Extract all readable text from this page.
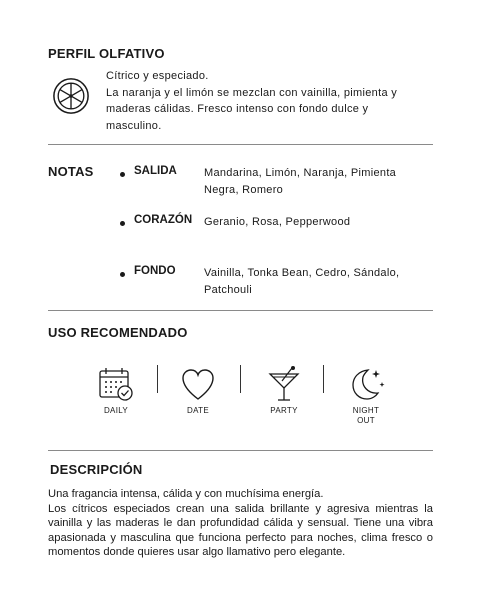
PERFIL OLFATIVO
Cítrico y especiado.
La naranja y el limón se mezclan con vainilla, pimienta y maderas cálidas. Fresco intenso con fondo dulce y masculino.
NOTAS	SALIDA Mandarina, Limón, Naranja, Pimienta Negra, Romero
CORAZÓN Geranio, Rosa, Pepperwood
FONDO	Vainilla, Tonka Bean, Cedro, Sándalo, Patchouli
USO RECOMENDADO
DAILY	DATE	PARTY	NIGHT OUT
DESCRIPCIÓN
Una fragancia intensa, cálida y con muchísima energía.
Los cítricos especiados crean una salida brillante y agresiva mientras la vainilla y las maderas le dan profundidad cálida y sensual. Tiene una vibra apasionada y masculina que funciona perfecto para noches, clima fresco o momentos donde quieres usar algo llamativo pero elegante.
